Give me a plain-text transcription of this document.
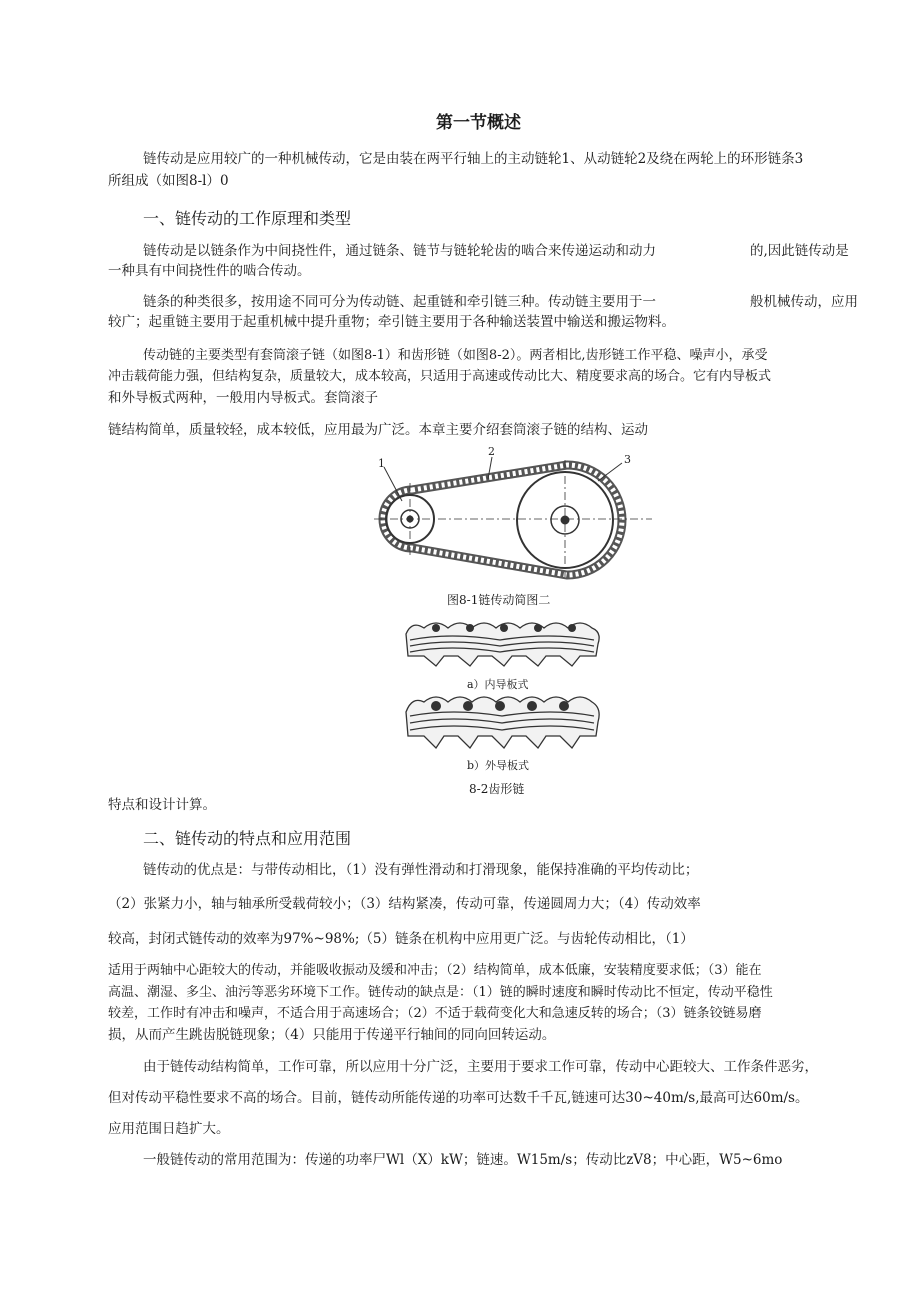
第一节概述
链传动是应用较广的一种机械传动，它是由装在两平行轴上的主动链轮1、从动链轮2及绕在两轮上的环形链条3
所组成（如图8-l）0
一、链传动的工作原理和类型
链传动是以链条作为中间挠性件，通过链条、链节与链轮轮齿的啮合来传递运动和动力	的,因此链传动是
一种具有中间挠性件的啮合传动。
链条的种类很多，按用途不同可分为传动链、起重链和牵引链三种。传动链主要用于一	般机械传动，应用
较广；起重链主要用于起重机械中提升重物；牵引链主要用于各种输送装置中输送和搬运物料。
传动链的主要类型有套筒滚子链（如图8-1）和齿形链（如图8-2）。两者相比,齿形链工作平稳、噪声小，承受
冲击载荷能力强，但结构复杂，质量较大，成本较高，只适用于高速或传动比大、精度要求高的场合。它有内导板式
和外导板式两种，一般用内导板式。套筒滚子
链结构简单，质量较轻，成本较低，应用最为广泛。本章主要介绍套筒滚子链的结构、运动
1
2
3
图8-1链传动简图二
a）内导板式
b）外导板式
8-2齿形链
特点和设计计算。
二、链传动的特点和应用范围
链传动的优点是：与带传动相比，（1）没有弹性滑动和打滑现象，能保持准确的平均传动比；
（2）张紧力小，轴与轴承所受载荷较小；（3）结构紧凑，传动可靠，传递圆周力大；（4）传动效率
较高，封闭式链传动的效率为97%~98%;（5）链条在机构中应用更广泛。与齿轮传动相比，（1）
适用于两轴中心距较大的传动，并能吸收振动及缓和冲击；（2）结构简单，成本低廉，安装精度要求低；（3）能在
高温、潮湿、多尘、油污等恶劣环境下工作。链传动的缺点是：（1）链的瞬时速度和瞬时传动比不恒定，传动平稳性
较差，工作时有冲击和噪声，不适合用于高速场合；（2）不适于载荷变化大和急速反转的场合；（3）链条铰链易磨
损，从而产生跳齿脱链现象；（4）只能用于传递平行轴间的同向回转运动。
由于链传动结构简单，工作可靠，所以应用十分广泛，主要用于要求工作可靠，传动中心距较大、工作条件恶劣，
但对传动平稳性要求不高的场合。目前，链传动所能传递的功率可达数千千瓦,链速可达30~40m/s,最高可达60m/s。
应用范围日趋扩大。
一般链传动的常用范围为：传递的功率尸Wl（X）kW；链速。W15m/s；传动比zV8；中心距，W5~6mo
